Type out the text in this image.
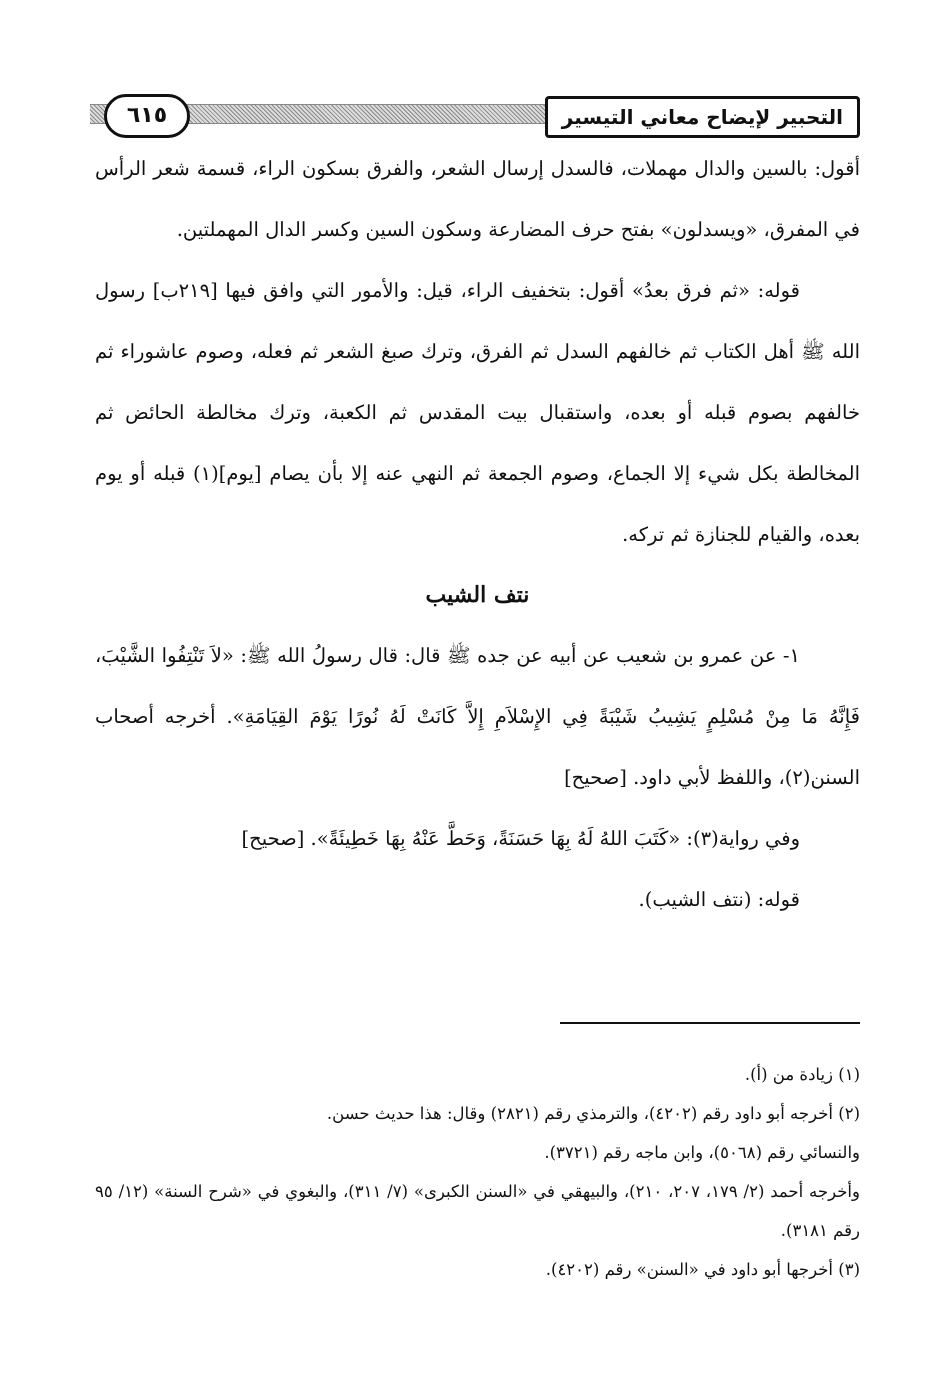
التحبير لإيضاح معاني التيسير
٦١٥

أقول: بالسين والدال مهملات، فالسدل إرسال الشعر، والفرق بسكون الراء، قسمة شعر الرأس في المفرق، «ويسدلون» بفتح حرف المضارعة وسكون السين وكسر الدال المهملتين.

قوله: «ثم فرق بعدُ» أقول: بتخفيف الراء، قيل: والأمور التي وافق فيها [٢١٩ب] رسول الله ﷺ أهل الكتاب ثم خالفهم السدل ثم الفرق، وترك صبغ الشعر ثم فعله، وصوم عاشوراء ثم خالفهم بصوم قبله أو بعده، واستقبال بيت المقدس ثم الكعبة، وترك مخالطة الحائض ثم المخالطة بكل شيء إلا الجماع، وصوم الجمعة ثم النهي عنه إلا بأن يصام [يوم](١) قبله أو يوم بعده، والقيام للجنازة ثم تركه.

نتف الشيب

١- عن عمرو بن شعيب عن أبيه عن جده ﷺ قال: قال رسولُ الله ﷺ: «لاَ تَنْتِفُوا الشَّيْبَ، فَإِنَّهُ مَا مِنْ مُسْلِمٍ يَشِيبُ شَيْبَةً فِي الإِسْلاَمِ إِلاَّ كَانَتْ لَهُ نُورًا يَوْمَ القِيَامَةِ». أخرجه أصحاب السنن(٢)، واللفظ لأبي داود. [صحيح]

وفي رواية(٣): «كَتَبَ اللهُ لَهُ بِهَا حَسَنَةً، وَحَطَّ عَنْهُ بِهَا خَطِيئَةً». [صحيح]

قوله: (نتف الشيب).

(١) زيادة من (أ).

(٢) أخرجه أبو داود رقم (٤٢٠٢)، والترمذي رقم (٢٨٢١) وقال: هذا حديث حسن.

والنسائي رقم (٥٠٦٨)، وابن ماجه رقم (٣٧٢١).

وأخرجه أحمد (٢/ ١٧٩، ٢٠٧، ٢١٠)، والبيهقي في «السنن الكبرى» (٧/ ٣١١)، والبغوي في «شرح السنة» (١٢/ ٩٥ رقم ٣١٨١).

(٣) أخرجها أبو داود في «السنن» رقم (٤٢٠٢).
